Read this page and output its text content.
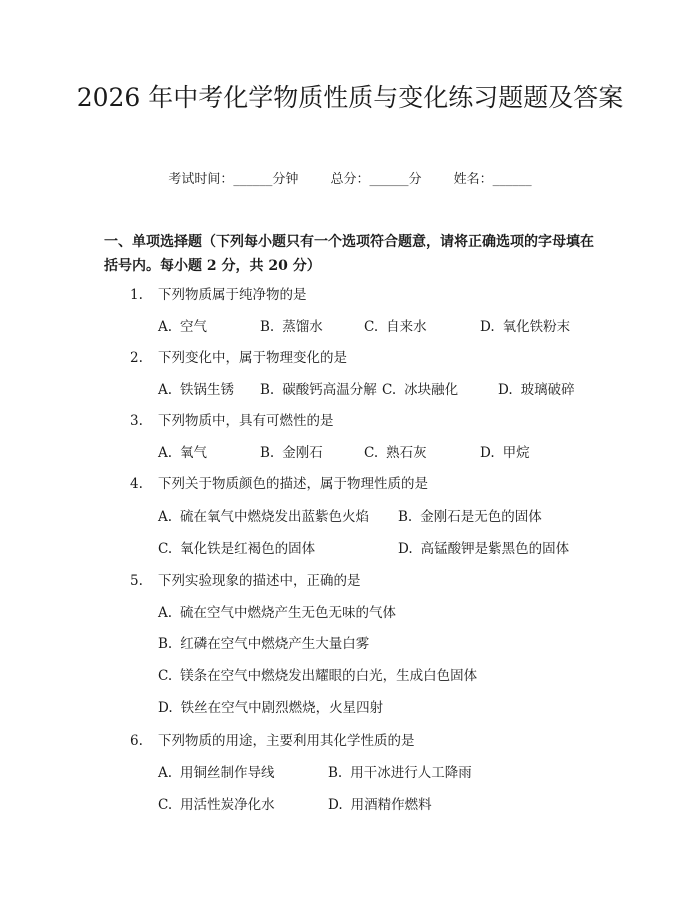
2026 年中考化学物质性质与变化练习题题及答案
考试时间：______分钟 总分：______分 姓名：______

一、单项选择题（下列每小题只有一个选项符合题意，请将正确选项的字母填在括号内。每小题 2 分，共 20 分）

1. 下列物质属于纯净物的是
A. 空气	B. 蒸馏水	C. 自来水	D. 氧化铁粉末
2. 下列变化中，属于物理变化的是
A. 铁锅生锈 B. 碳酸钙高温分解 C. 冰块融化	D. 玻璃破碎
3. 下列物质中，具有可燃性的是
A. 氧气	B. 金刚石	C. 熟石灰	D. 甲烷
4. 下列关于物质颜色的描述，属于物理性质的是
A. 硫在氧气中燃烧发出蓝紫色火焰 B. 金刚石是无色的固体
C. 氧化铁是红褐色的固体	D. 高锰酸钾是紫黑色的固体
5. 下列实验现象的描述中，正确的是
A. 硫在空气中燃烧产生无色无味的气体
B. 红磷在空气中燃烧产生大量白雾
C. 镁条在空气中燃烧发出耀眼的白光，生成白色固体
D. 铁丝在空气中剧烈燃烧，火星四射
6. 下列物质的用途，主要利用其化学性质的是
A. 用铜丝制作导线	B. 用干冰进行人工降雨
C. 用活性炭净化水	D. 用酒精作燃料
